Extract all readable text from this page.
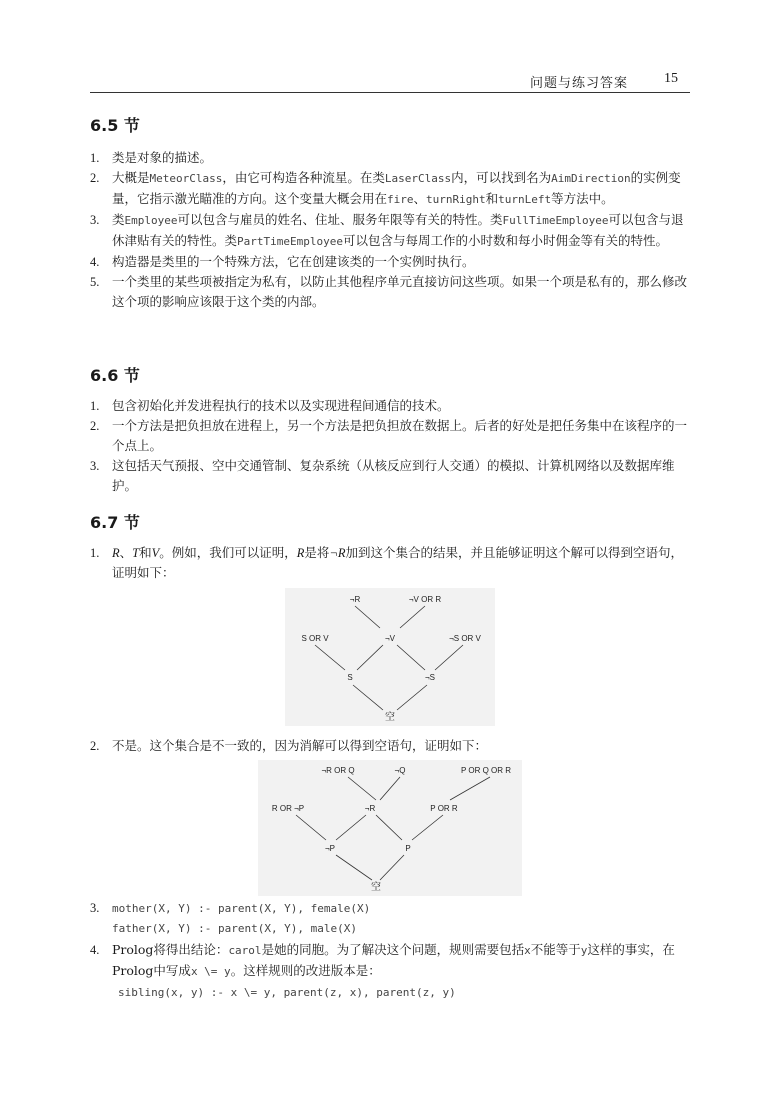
问题与练习答案	15
6.5 节
1. 类是对象的描述。
2. 大概是MeteorClass，由它可构造各种流星。在类LaserClass内，可以找到名为AimDirection的实例变量，它指示激光瞄准的方向。这个变量大概会用在fire、turnRight和turnLeft等方法中。
3. 类Employee可以包含与雇员的姓名、住址、服务年限等有关的特性。类FullTimeEmployee可以包含与退休津贴有关的特性。类PartTimeEmployee可以包含与每周工作的小时数和每小时佣金等有关的特性。
4. 构造器是类里的一个特殊方法，它在创建该类的一个实例时执行。
5. 一个类里的某些项被指定为私有，以防止其他程序单元直接访问这些项。如果一个项是私有的，那么修改这个项的影响应该限于这个类的内部。
6.6 节
1. 包含初始化并发进程执行的技术以及实现进程间通信的技术。
2. 一个方法是把负担放在进程上，另一个方法是把负担放在数据上。后者的好处是把任务集中在该程序的一个点上。
3. 这包括天气预报、空中交通管制、复杂系统（从核反应到行人交通）的模拟、计算机网络以及数据库维护。
6.7 节
1. R、T和V。例如，我们可以证明，R是将¬R加到这个集合的结果，并且能够证明这个解可以得到空语句，证明如下：
¬R	¬V OR R
S OR V	¬V	¬S OR V
S	¬S
空
2. 不是。这个集合是不一致的，因为消解可以得到空语句，证明如下：
¬R OR Q	¬Q	P OR Q OR R
R OR ¬P	¬R	P OR R
¬P	P
空
3. mother(X, Y) :- parent(X, Y), female(X)
father(X, Y) :- parent(X, Y), male(X)
4. Prolog将得出结论：carol是她的同胞。为了解决这个问题，规则需要包括x不能等于y这样的事实，在Prolog中写成x \= y。这样规则的改进版本是：
sibling(x, y) :- x \= y, parent(z, x), parent(z, y)
